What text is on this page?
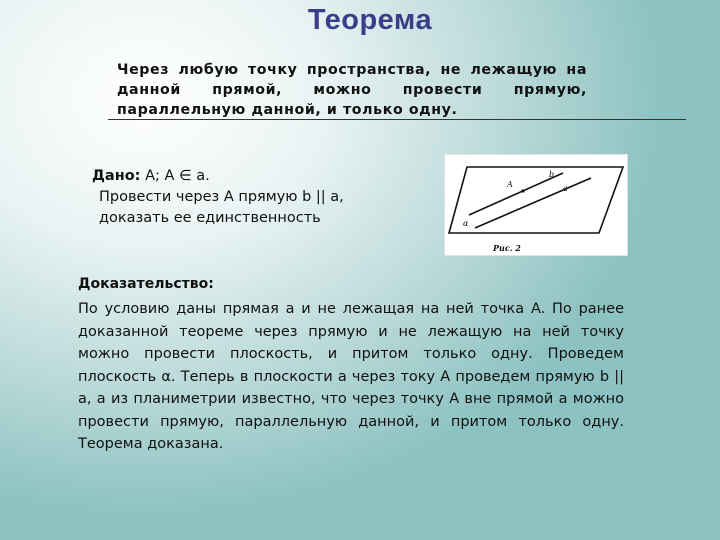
Теорема
Через любую точку пространства, не лежащую на данной прямой, можно провести прямую, параллельную данной, и только одну.
Дано: A; A ∈ a.
Провести через A прямую b || a,
доказать ее единственность
A
b
a
α
Рис. 2
Доказательство:
По условию даны прямая a и не лежащая на ней точка A. По ранее доказанной теореме через прямую и не лежащую на ней точку можно провести плоскость, и притом только одну. Проведем плоскость α. Теперь в плоскости a через току A проведем прямую b || a, а из планиметрии известно, что через точку A вне прямой a можно провести прямую, параллельную данной, и притом только одну. Теорема доказана.
